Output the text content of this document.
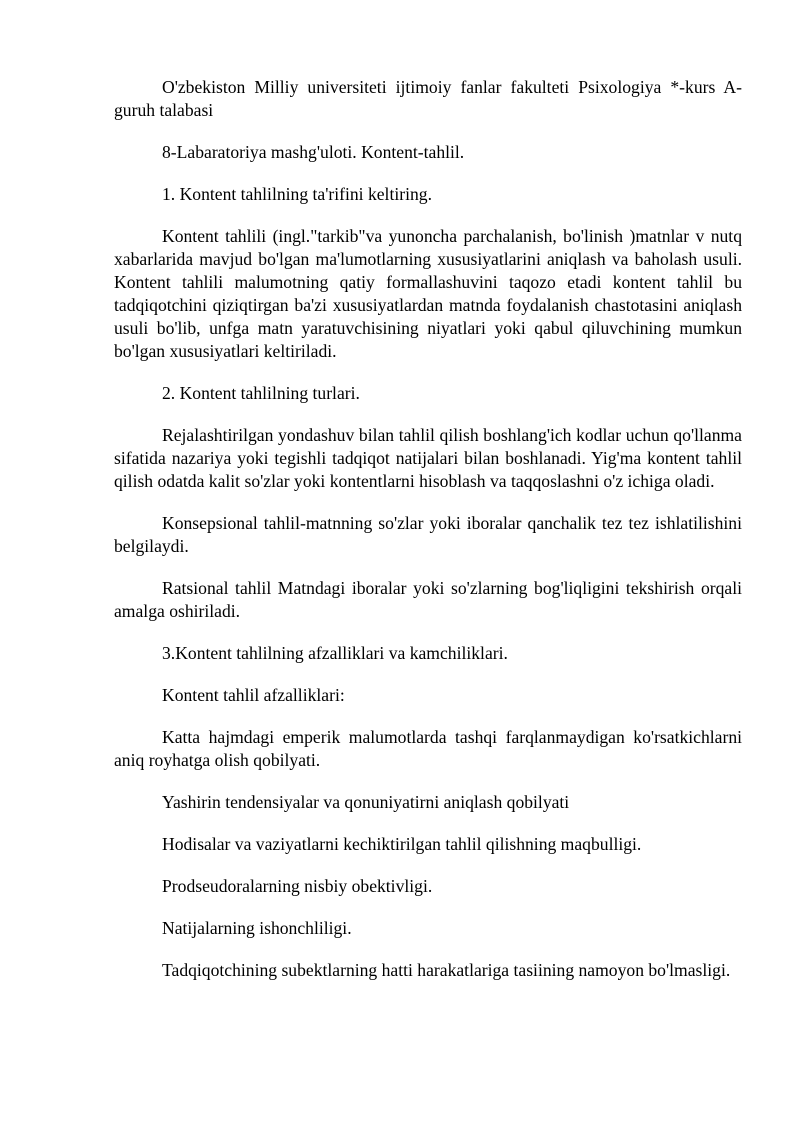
O'zbekiston Milliy universiteti ijtimoiy fanlar fakulteti Psixologiya *-kurs A-guruh talabasi

8-Labaratoriya mashg'uloti. Kontent-tahlil.

1. Kontent tahlilning ta'rifini keltiring.

Kontent tahlili (ingl."tarkib"va yunoncha parchalanish, bo'linish )matnlar v nutq xabarlarida mavjud bo'lgan ma'lumotlarning xususiyatlarini aniqlash va baholash usuli. Kontent tahlili malumotning qatiy formallashuvini taqozo etadi kontent tahlil bu tadqiqotchini qiziqtirgan ba'zi xususiyatlardan matnda foydalanish chastotasini aniqlash usuli bo'lib, unfga matn yaratuvchisining niyatlari yoki qabul qiluvchining mumkun bo'lgan xususiyatlari keltiriladi.

2. Kontent tahlilning turlari.

Rejalashtirilgan yondashuv bilan tahlil qilish boshlang'ich kodlar uchun qo'llanma sifatida nazariya yoki tegishli tadqiqot natijalari bilan boshlanadi. Yig'ma kontent tahlil qilish odatda kalit so'zlar yoki kontentlarni hisoblash va taqqoslashni o'z ichiga oladi.

Konsepsional tahlil-matnning so'zlar yoki iboralar qanchalik tez tez ishlatilishini belgilaydi.

Ratsional tahlil Matndagi iboralar yoki so'zlarning bog'liqligini tekshirish orqali amalga oshiriladi.

3.Kontent tahlilning afzalliklari va kamchiliklari.

Kontent tahlil afzalliklari:

Katta hajmdagi emperik malumotlarda tashqi farqlanmaydigan ko'rsatkichlarni aniq royhatga olish qobilyati.

Yashirin tendensiyalar va qonuniyatirni aniqlash qobilyati

Hodisalar va vaziyatlarni kechiktirilgan tahlil qilishning maqbulligi.

Prodseudoralarning nisbiy obektivligi.

Natijalarning ishonchliligi.

Tadqiqotchining subektlarning hatti harakatlariga tasiining namoyon bo'lmasligi.
